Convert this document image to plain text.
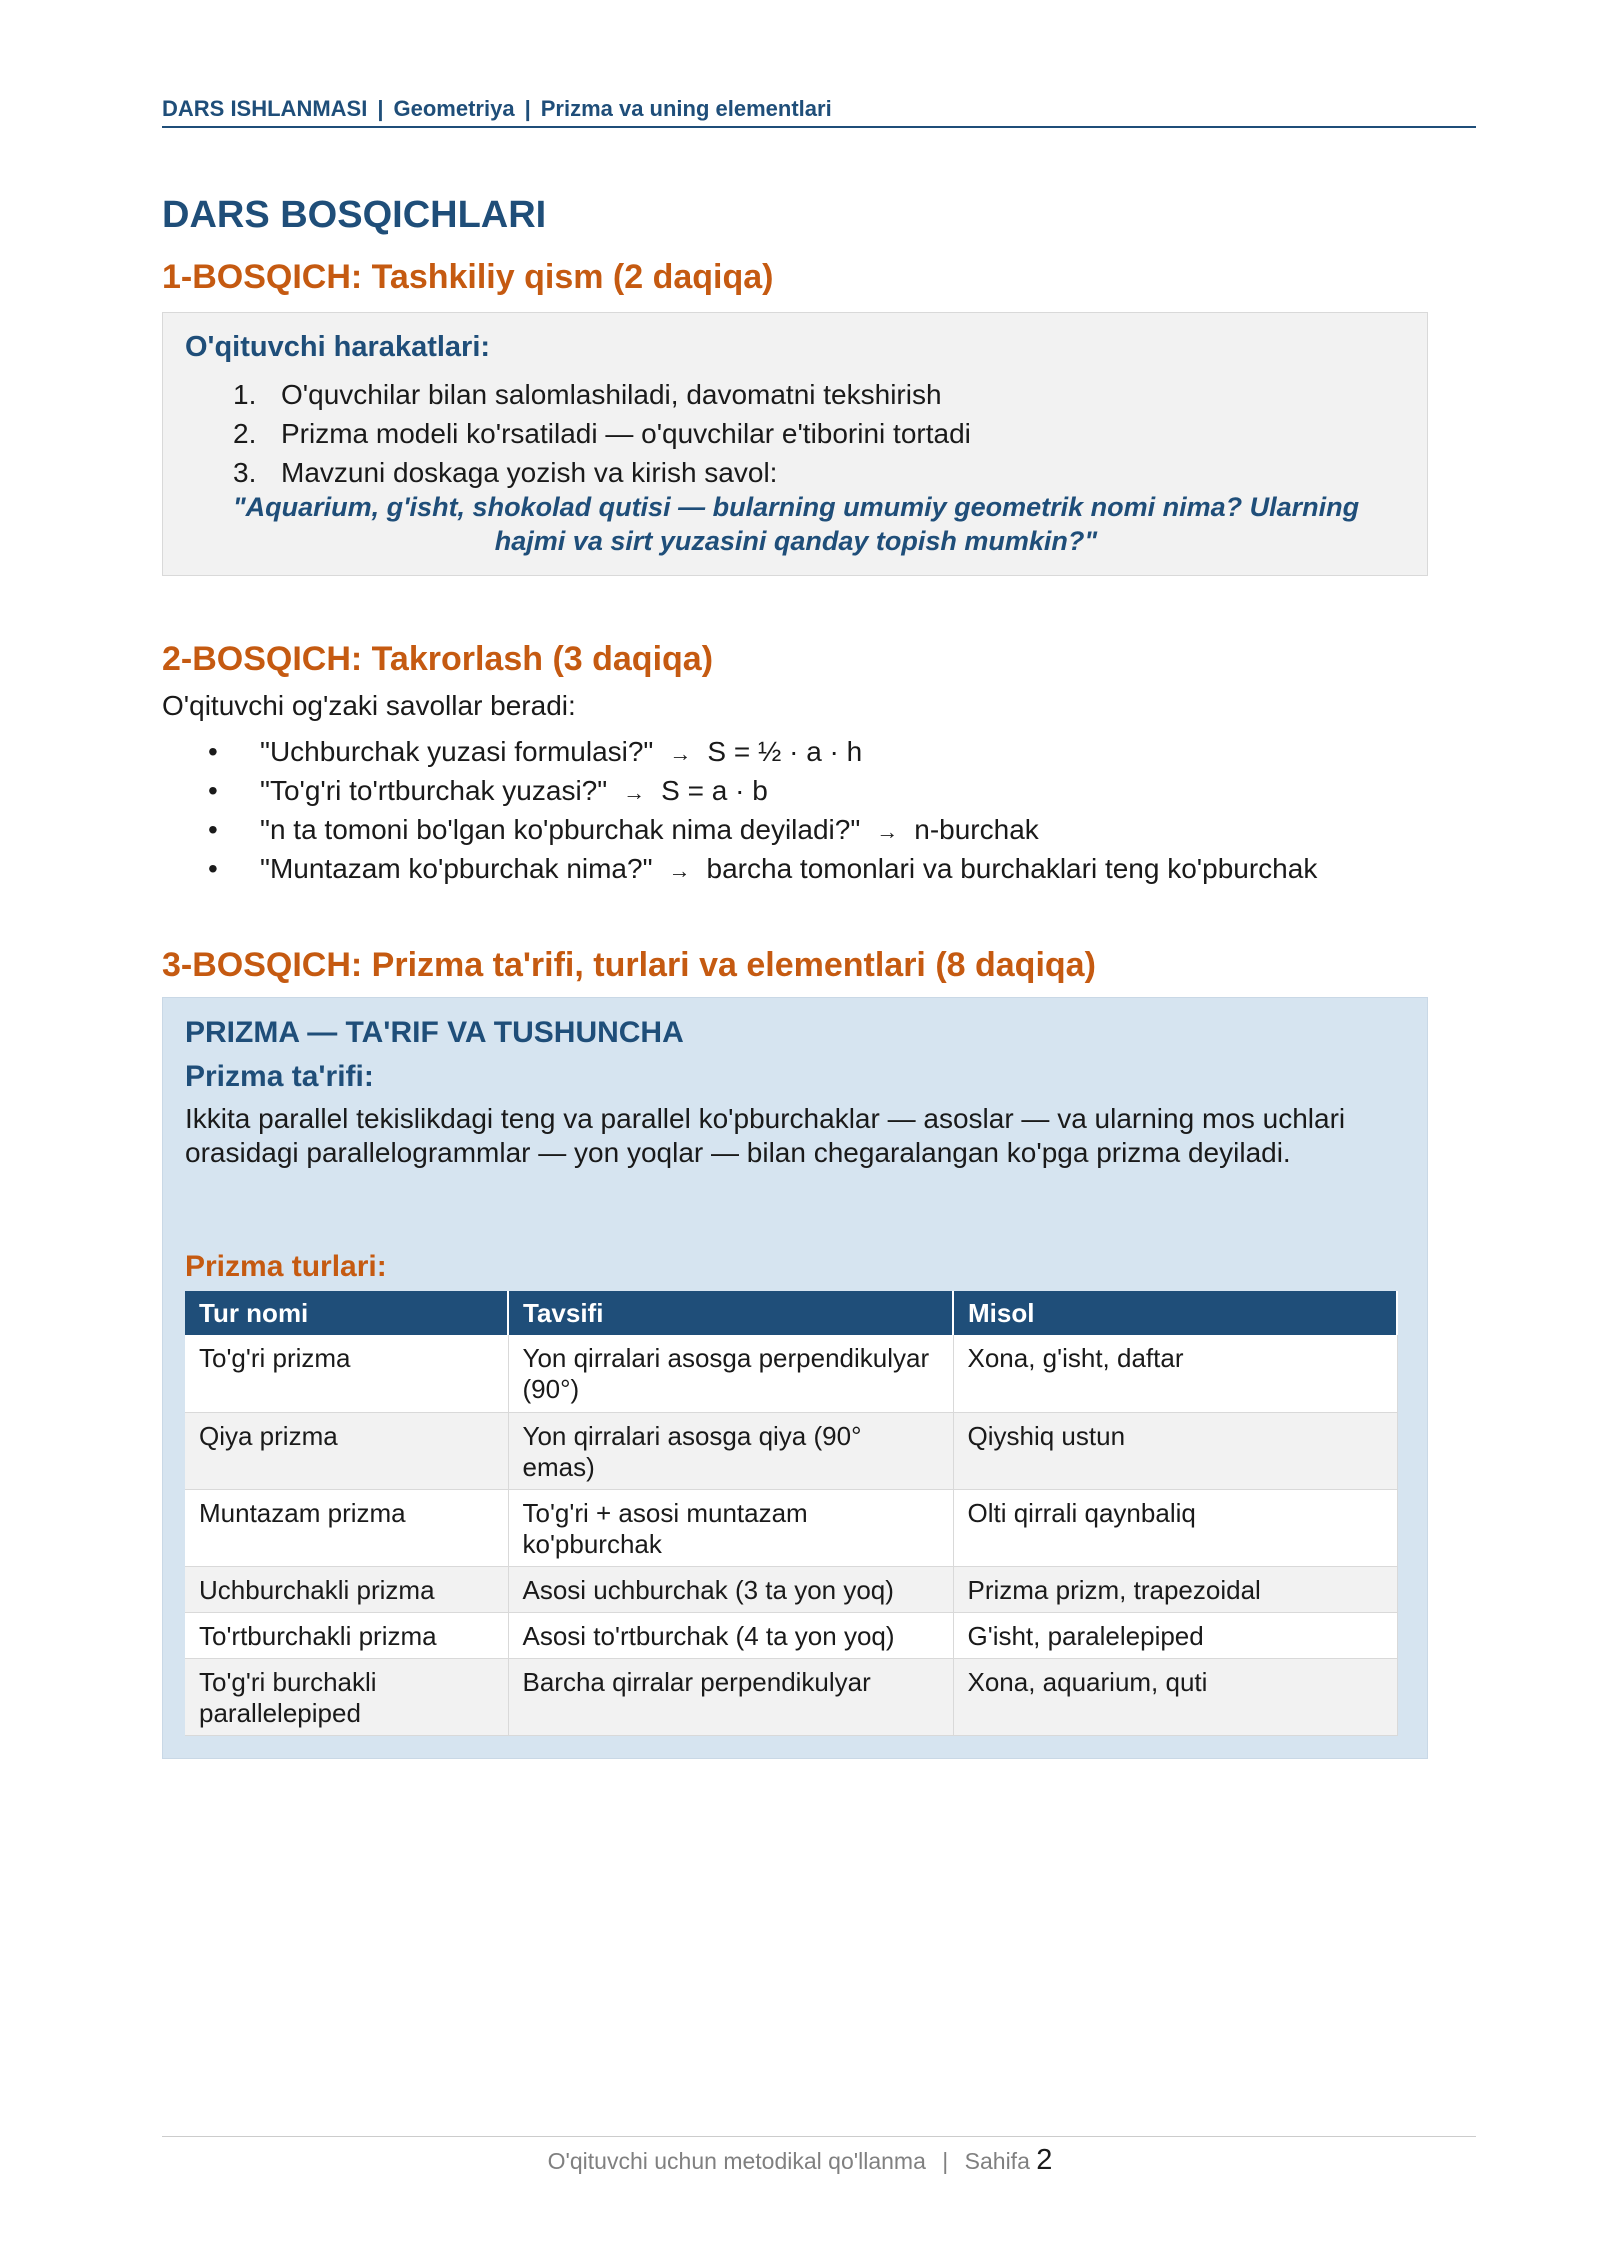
DARS ISHLANMASI | Geometriya | Prizma va uning elementlari
DARS BOSQICHLARI
1-BOSQICH: Tashkiliy qism (2 daqiqa)
O'qituvchi harakatlari:
1. O'quvchilar bilan salomlashiladi, davomatni tekshirish
2. Prizma modeli ko'rsatiladi — o'quvchilar e'tiborini tortadi
3. Mavzuni doskaga yozish va kirish savol:
"Aquarium, g'isht, shokolad qutisi — bularning umumiy geometrik nomi nima? Ularning
hajmi va sirt yuzasini qanday topish mumkin?"
2-BOSQICH: Takrorlash (3 daqiqa)
O'qituvchi og'zaki savollar beradi:
• "Uchburchak yuzasi formulasi?" → S = ½ · a · h
• "To'g'ri to'rtburchak yuzasi?" → S = a · b
• "n ta tomoni bo'lgan ko'pburchak nima deyiladi?" → n-burchak
• "Muntazam ko'pburchak nima?" → barcha tomonlari va burchaklari teng ko'pburchak
3-BOSQICH: Prizma ta'rifi, turlari va elementlari (8 daqiqa)
PRIZMA — TA'RIF VA TUSHUNCHA
Prizma ta'rifi:
Ikkita parallel tekislikdagi teng va parallel ko'pburchaklar — asoslar — va ularning mos uchlari orasidagi parallelogrammlar — yon yoqlar — bilan chegaralangan ko'pga prizma deyiladi.
Prizma turlari:
Tur nomi	Tavsifi	Misol
To'g'ri prizma	Yon qirralari asosga perpendikulyar (90°)	Xona, g'isht, daftar
Qiya prizma	Yon qirralari asosga qiya (90° emas)	Qiyshiq ustun
Muntazam prizma	To'g'ri + asosi muntazam ko'pburchak	Olti qirrali qaynbaliq
Uchburchakli prizma	Asosi uchburchak (3 ta yon yoq)	Prizma prizm, trapezoidal
To'rtburchakli prizma	Asosi to'rtburchak (4 ta yon yoq)	G'isht, paralelepiped
To'g'ri burchakli parallelepiped	Barcha qirralar perpendikulyar	Xona, aquarium, quti
O'qituvchi uchun metodikal qo'llanma | Sahifa 2
